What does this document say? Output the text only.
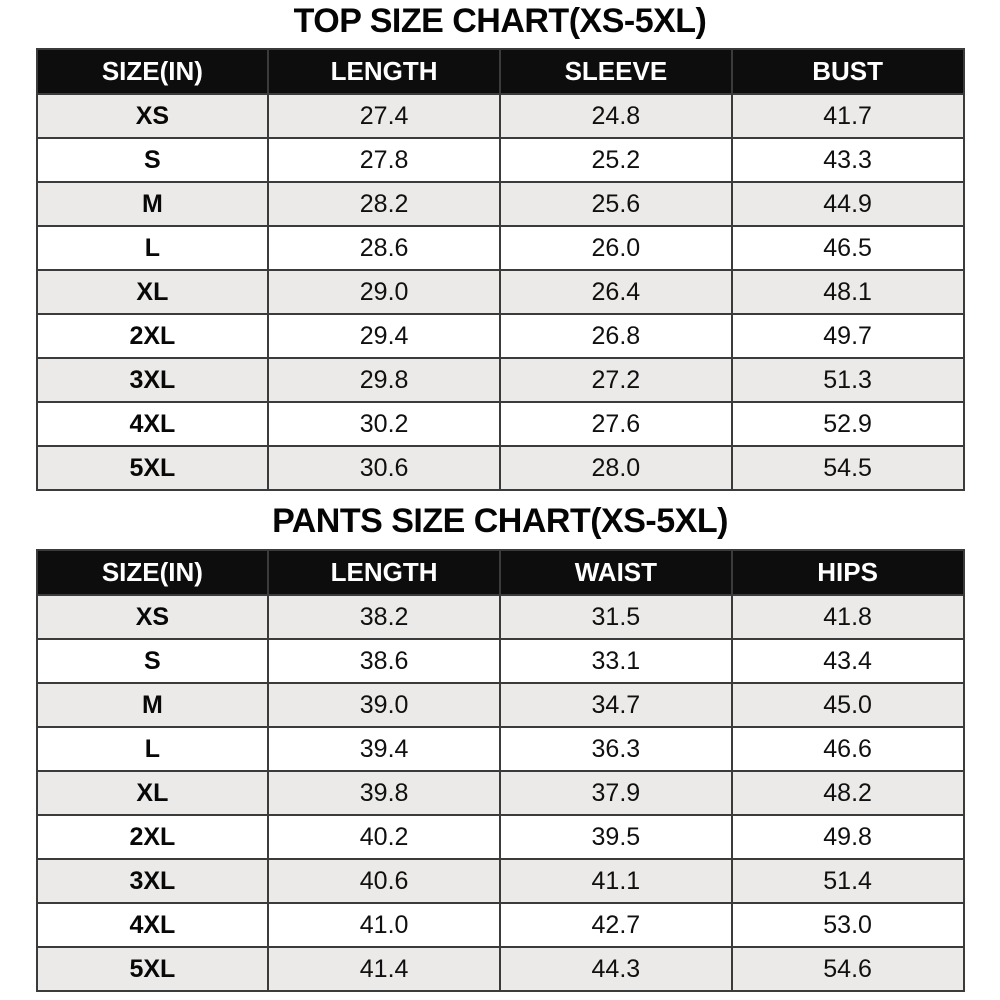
TOP SIZE CHART(XS-5XL)
SIZE(IN)	LENGTH	SLEEVE	BUST
XS	27.4	24.8	41.7
S	27.8	25.2	43.3
M	28.2	25.6	44.9
L	28.6	26.0	46.5
XL	29.0	26.4	48.1
2XL	29.4	26.8	49.7
3XL	29.8	27.2	51.3
4XL	30.2	27.6	52.9
5XL	30.6	28.0	54.5
PANTS SIZE CHART(XS-5XL)
SIZE(IN)	LENGTH	WAIST	HIPS
XS	38.2	31.5	41.8
S	38.6	33.1	43.4
M	39.0	34.7	45.0
L	39.4	36.3	46.6
XL	39.8	37.9	48.2
2XL	40.2	39.5	49.8
3XL	40.6	41.1	51.4
4XL	41.0	42.7	53.0
5XL	41.4	44.3	54.6
